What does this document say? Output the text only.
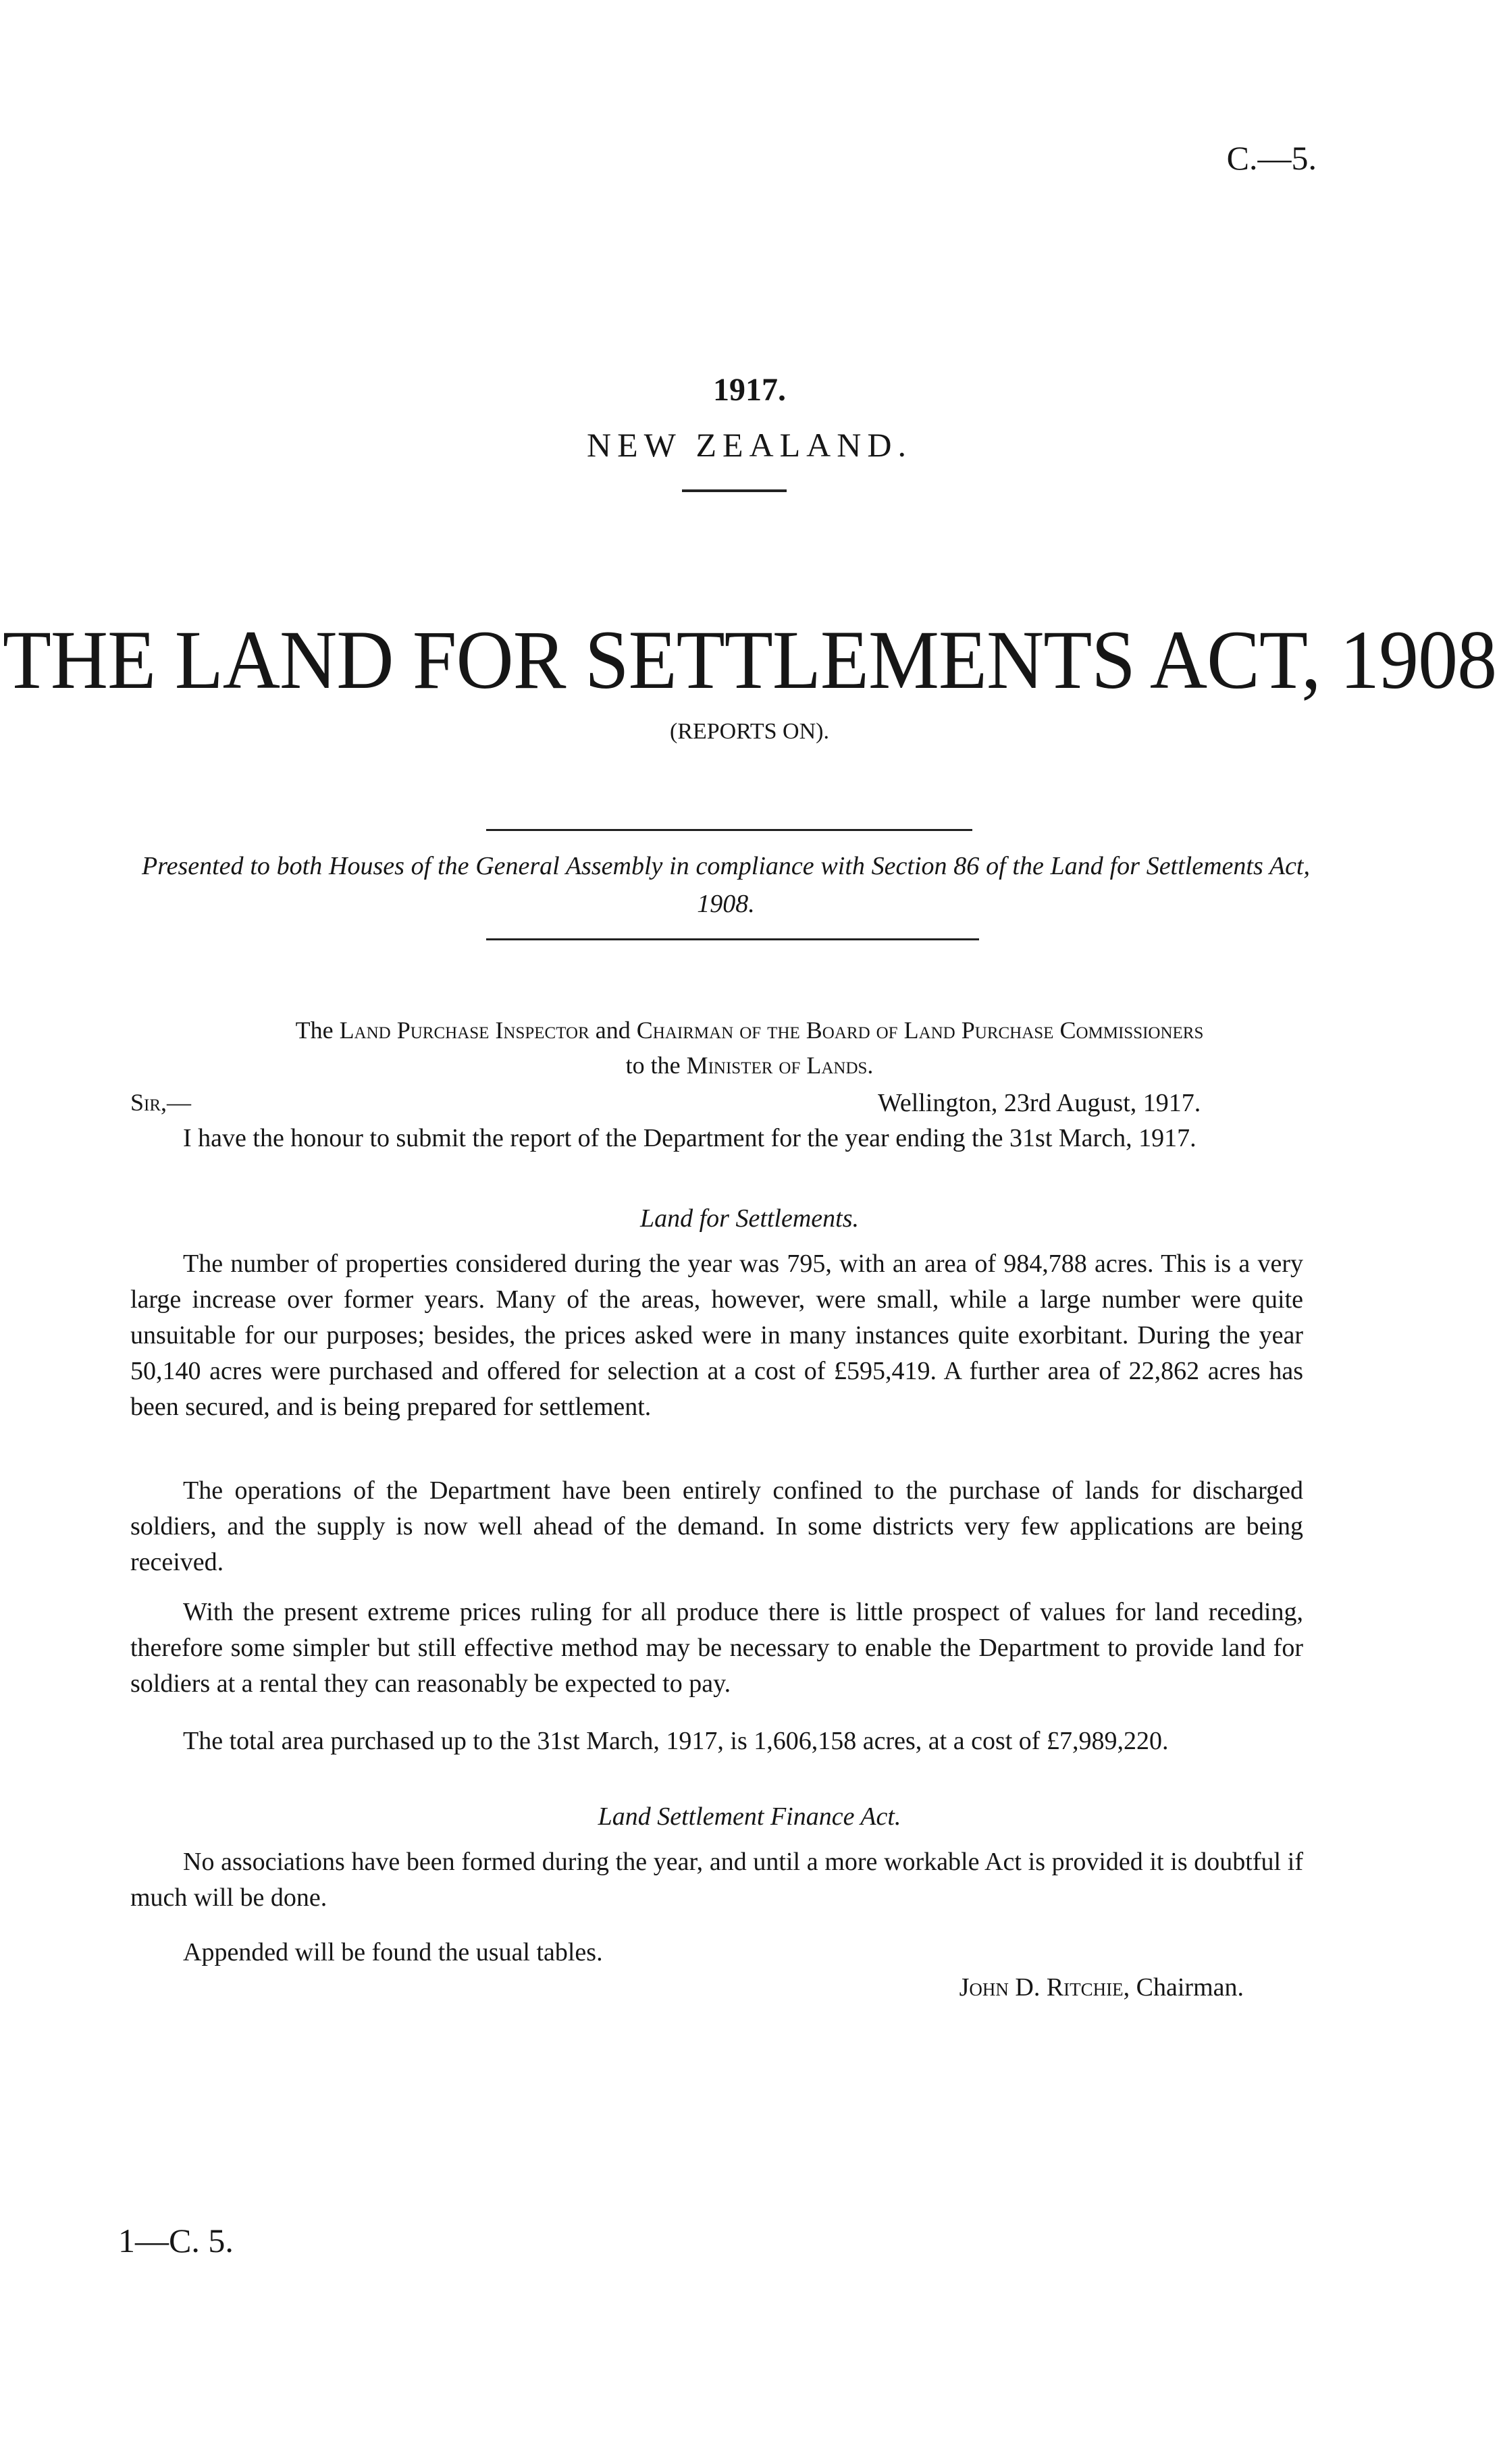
C.—5.
1917.
NEW ZEALAND.
THE LAND FOR SETTLEMENTS ACT, 1908
(REPORTS ON).
Presented to both Houses of the General Assembly in compliance with Section 86 of the Land for Settlements Act, 1908.
The Land Purchase Inspector and Chairman of the Board of Land Purchase Commissioners
to the Minister of Lands.
Sir,—	Wellington, 23rd August, 1917.
I have the honour to submit the report of the Department for the year ending the 31st March, 1917.
Land for Settlements.
The number of properties considered during the year was 795, with an area of 984,788 acres. This is a very large increase over former years. Many of the areas, however, were small, while a large number were quite unsuitable for our purposes; besides, the prices asked were in many instances quite exorbitant. During the year 50,140 acres were purchased and offered for selection at a cost of £595,419. A further area of 22,862 acres has been secured, and is being prepared for settlement.
The operations of the Department have been entirely confined to the purchase of lands for discharged soldiers, and the supply is now well ahead of the demand. In some districts very few applications are being received.
With the present extreme prices ruling for all produce there is little prospect of values for land receding, therefore some simpler but still effective method may be necessary to enable the Department to provide land for soldiers at a rental they can reasonably be expected to pay.
The total area purchased up to the 31st March, 1917, is 1,606,158 acres, at a cost of £7,989,220.
Land Settlement Finance Act.
No associations have been formed during the year, and until a more workable Act is provided it is doubtful if much will be done.
Appended will be found the usual tables.
John D. Ritchie, Chairman.
1—C. 5.
